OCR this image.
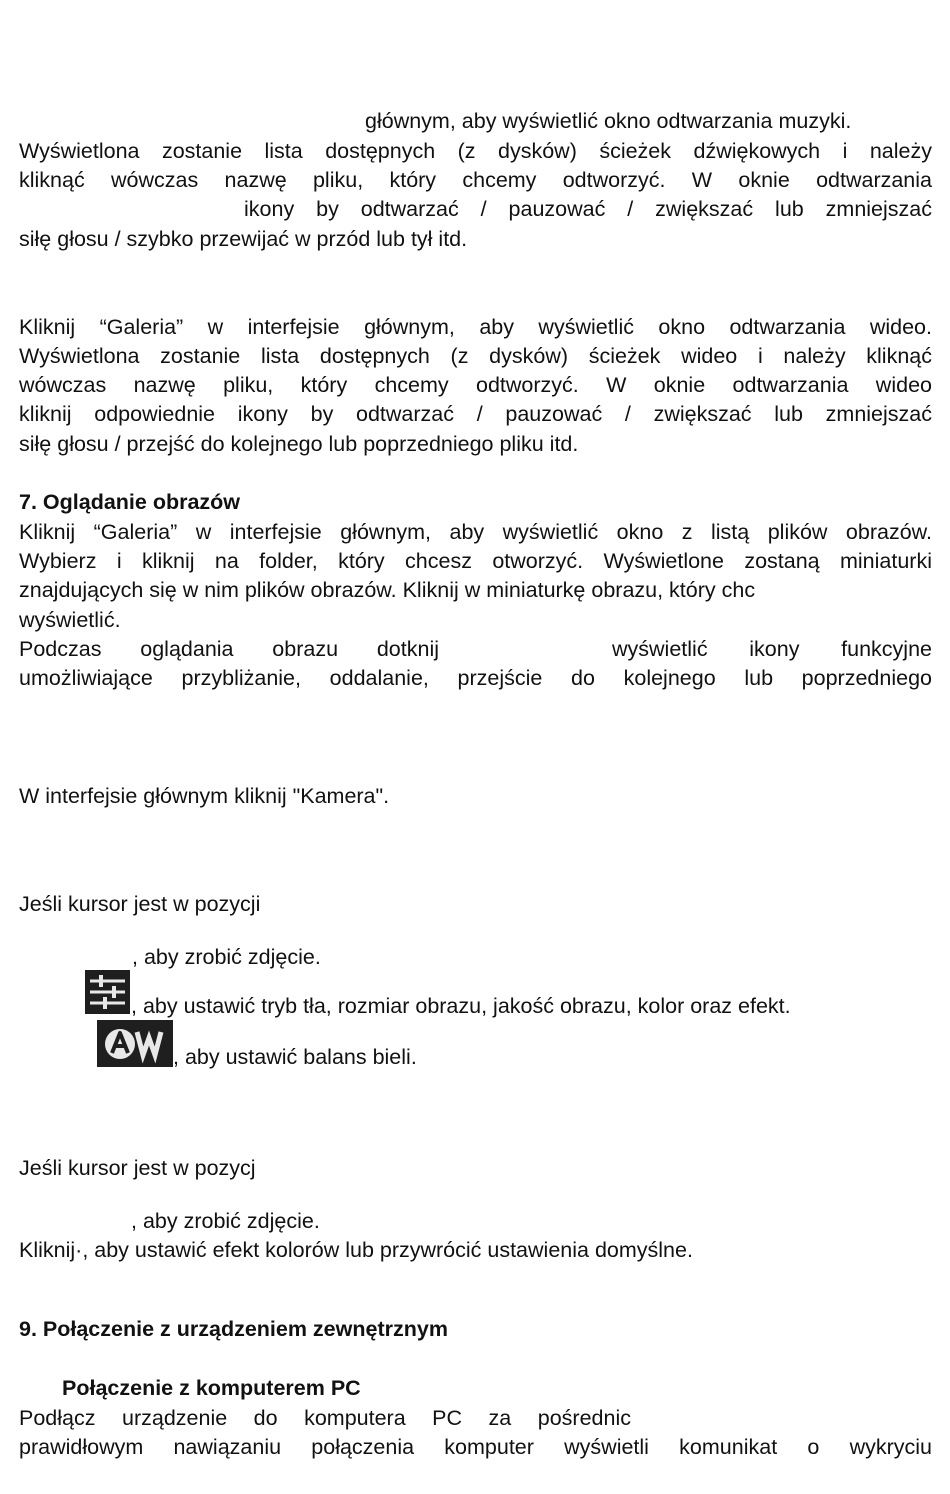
głównym, aby wyświetlić okno odtwarzania muzyki.
Wyświetlona zostanie lista dostępnych (z dysków) ścieżek dźwiękowych i należy
kliknąć wówczas nazwę pliku, który chcemy odtworzyć. W oknie odtwarzania
ikony by odtwarzać / pauzować / zwiększać lub zmniejszać
siłę głosu / szybko przewijać w przód lub tył itd.
Kliknij “Galeria” w interfejsie głównym, aby wyświetlić okno odtwarzania wideo.
Wyświetlona zostanie lista dostępnych (z dysków) ścieżek wideo i należy kliknąć
wówczas nazwę pliku, który chcemy odtworzyć. W oknie odtwarzania wideo
kliknij odpowiednie ikony by odtwarzać / pauzować / zwiększać lub zmniejszać
siłę głosu / przejść do kolejnego lub poprzedniego pliku itd.
7. Oglądanie obrazów
Kliknij “Galeria” w interfejsie głównym, aby wyświetlić okno z listą plików obrazów.
Wybierz i kliknij na folder, który chcesz otworzyć. Wyświetlone zostaną miniaturki
znajdujących się w nim plików obrazów. Kliknij w miniaturkę obrazu, który chc
wyświetlić.
Podczas oglądania obrazu dotknij	wyświetlić ikony funkcyjne
umożliwiające przybliżanie, oddalanie, przejście do kolejnego lub poprzedniego
W interfejsie głównym kliknij "Kamera".
Jeśli kursor jest w pozycji
, aby zrobić zdjęcie.
, aby ustawić tryb tła, rozmiar obrazu, jakość obrazu, kolor oraz efekt.
, aby ustawić balans bieli.
Jeśli kursor jest w pozycj
, aby zrobić zdjęcie.
Kliknij·, aby ustawić efekt kolorów lub przywrócić ustawienia domyślne.
9. Połączenie z urządzeniem zewnętrznym
Połączenie z komputerem PC
Podłącz urządzenie do komputera PC za pośrednic
prawidłowym nawiązaniu połączenia komputer wyświetli komunikat o wykryciu
